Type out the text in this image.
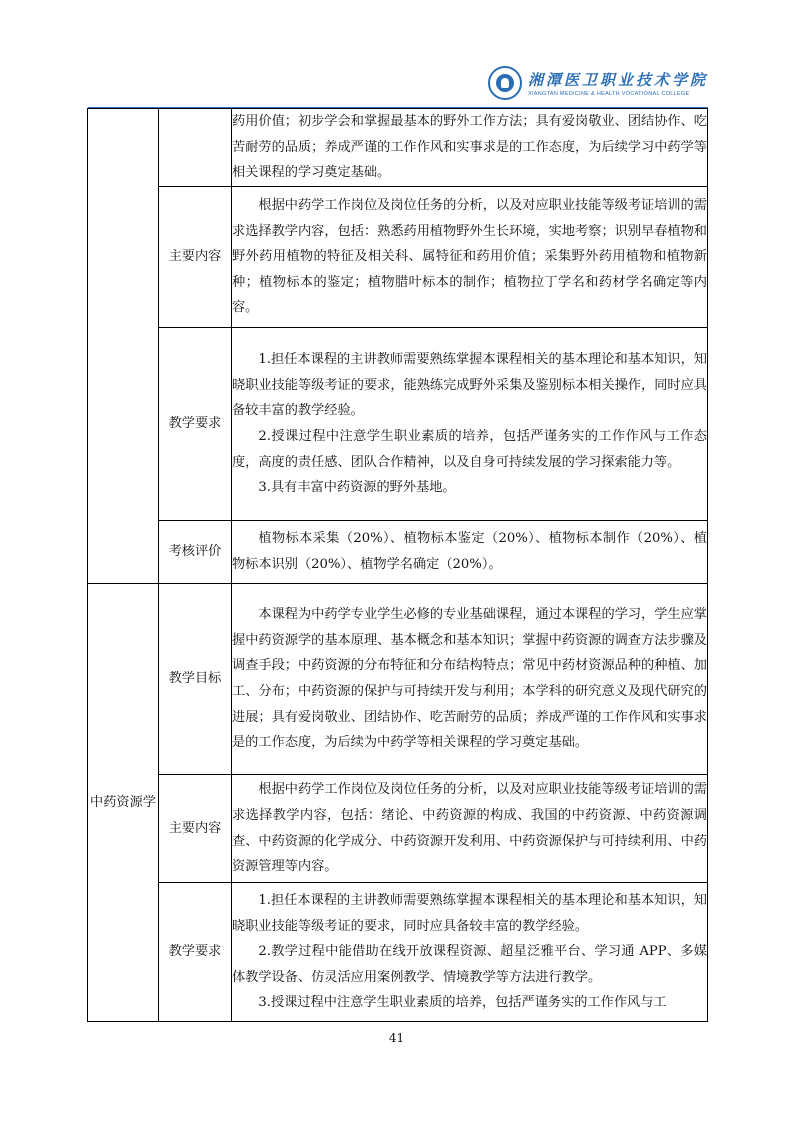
湘潭医卫职业技术学院
XIANGTAN MEDICINE & HEALTH VOCATIONAL COLLEGE

		药用价值；初步学会和掌握最基本的野外工作方法；具有爱岗敬业、团结协作、吃苦耐劳的品质；养成严谨的工作作风和实事求是的工作态度，为后续学习中药学等相关课程的学习奠定基础。

	主要内容	根据中药学工作岗位及岗位任务的分析，以及对应职业技能等级考证培训的需求选择教学内容，包括：熟悉药用植物野外生长环境，实地考察；识别早春植物和野外药用植物的特征及相关科、属特征和药用价值；采集野外药用植物和植物新种；植物标本的鉴定；植物腊叶标本的制作；植物拉丁学名和药材学名确定等内容。

	教学要求	1.担任本课程的主讲教师需要熟练掌握本课程相关的基本理论和基本知识，知晓职业技能等级考证的要求，能熟练完成野外采集及鉴别标本相关操作，同时应具备较丰富的教学经验。

2.授课过程中注意学生职业素质的培养，包括严谨务实的工作作风与工作态度，高度的责任感、团队合作精神，以及自身可持续发展的学习探索能力等。

3.具有丰富中药资源的野外基地。

	考核评价	植物标本采集（20%）、植物标本鉴定（20%）、植物标本制作（20%）、植物标本识别（20%）、植物学名确定（20%）。

中药资源学	教学目标	本课程为中药学专业学生必修的专业基础课程，通过本课程的学习，学生应掌握中药资源学的基本原理、基本概念和基本知识；掌握中药资源的调查方法步骤及调查手段；中药资源的分布特征和分布结构特点；常见中药材资源品种的种植、加工、分布；中药资源的保护与可持续开发与利用；本学科的研究意义及现代研究的进展；具有爱岗敬业、团结协作、吃苦耐劳的品质；养成严谨的工作作风和实事求是的工作态度，为后续为中药学等相关课程的学习奠定基础。

	主要内容	根据中药学工作岗位及岗位任务的分析，以及对应职业技能等级考证培训的需求选择教学内容，包括：绪论、中药资源的构成、我国的中药资源、中药资源调查、中药资源的化学成分、中药资源开发利用、中药资源保护与可持续利用、中药资源管理等内容。

	教学要求	1.担任本课程的主讲教师需要熟练掌握本课程相关的基本理论和基本知识，知晓职业技能等级考证的要求，同时应具备较丰富的教学经验。

2.教学过程中能借助在线开放课程资源、超星泛雅平台、学习通 APP、多媒体教学设备、仿灵活应用案例教学、情境教学等方法进行教学。

3.授课过程中注意学生职业素质的培养，包括严谨务实的工作作风与工

41
